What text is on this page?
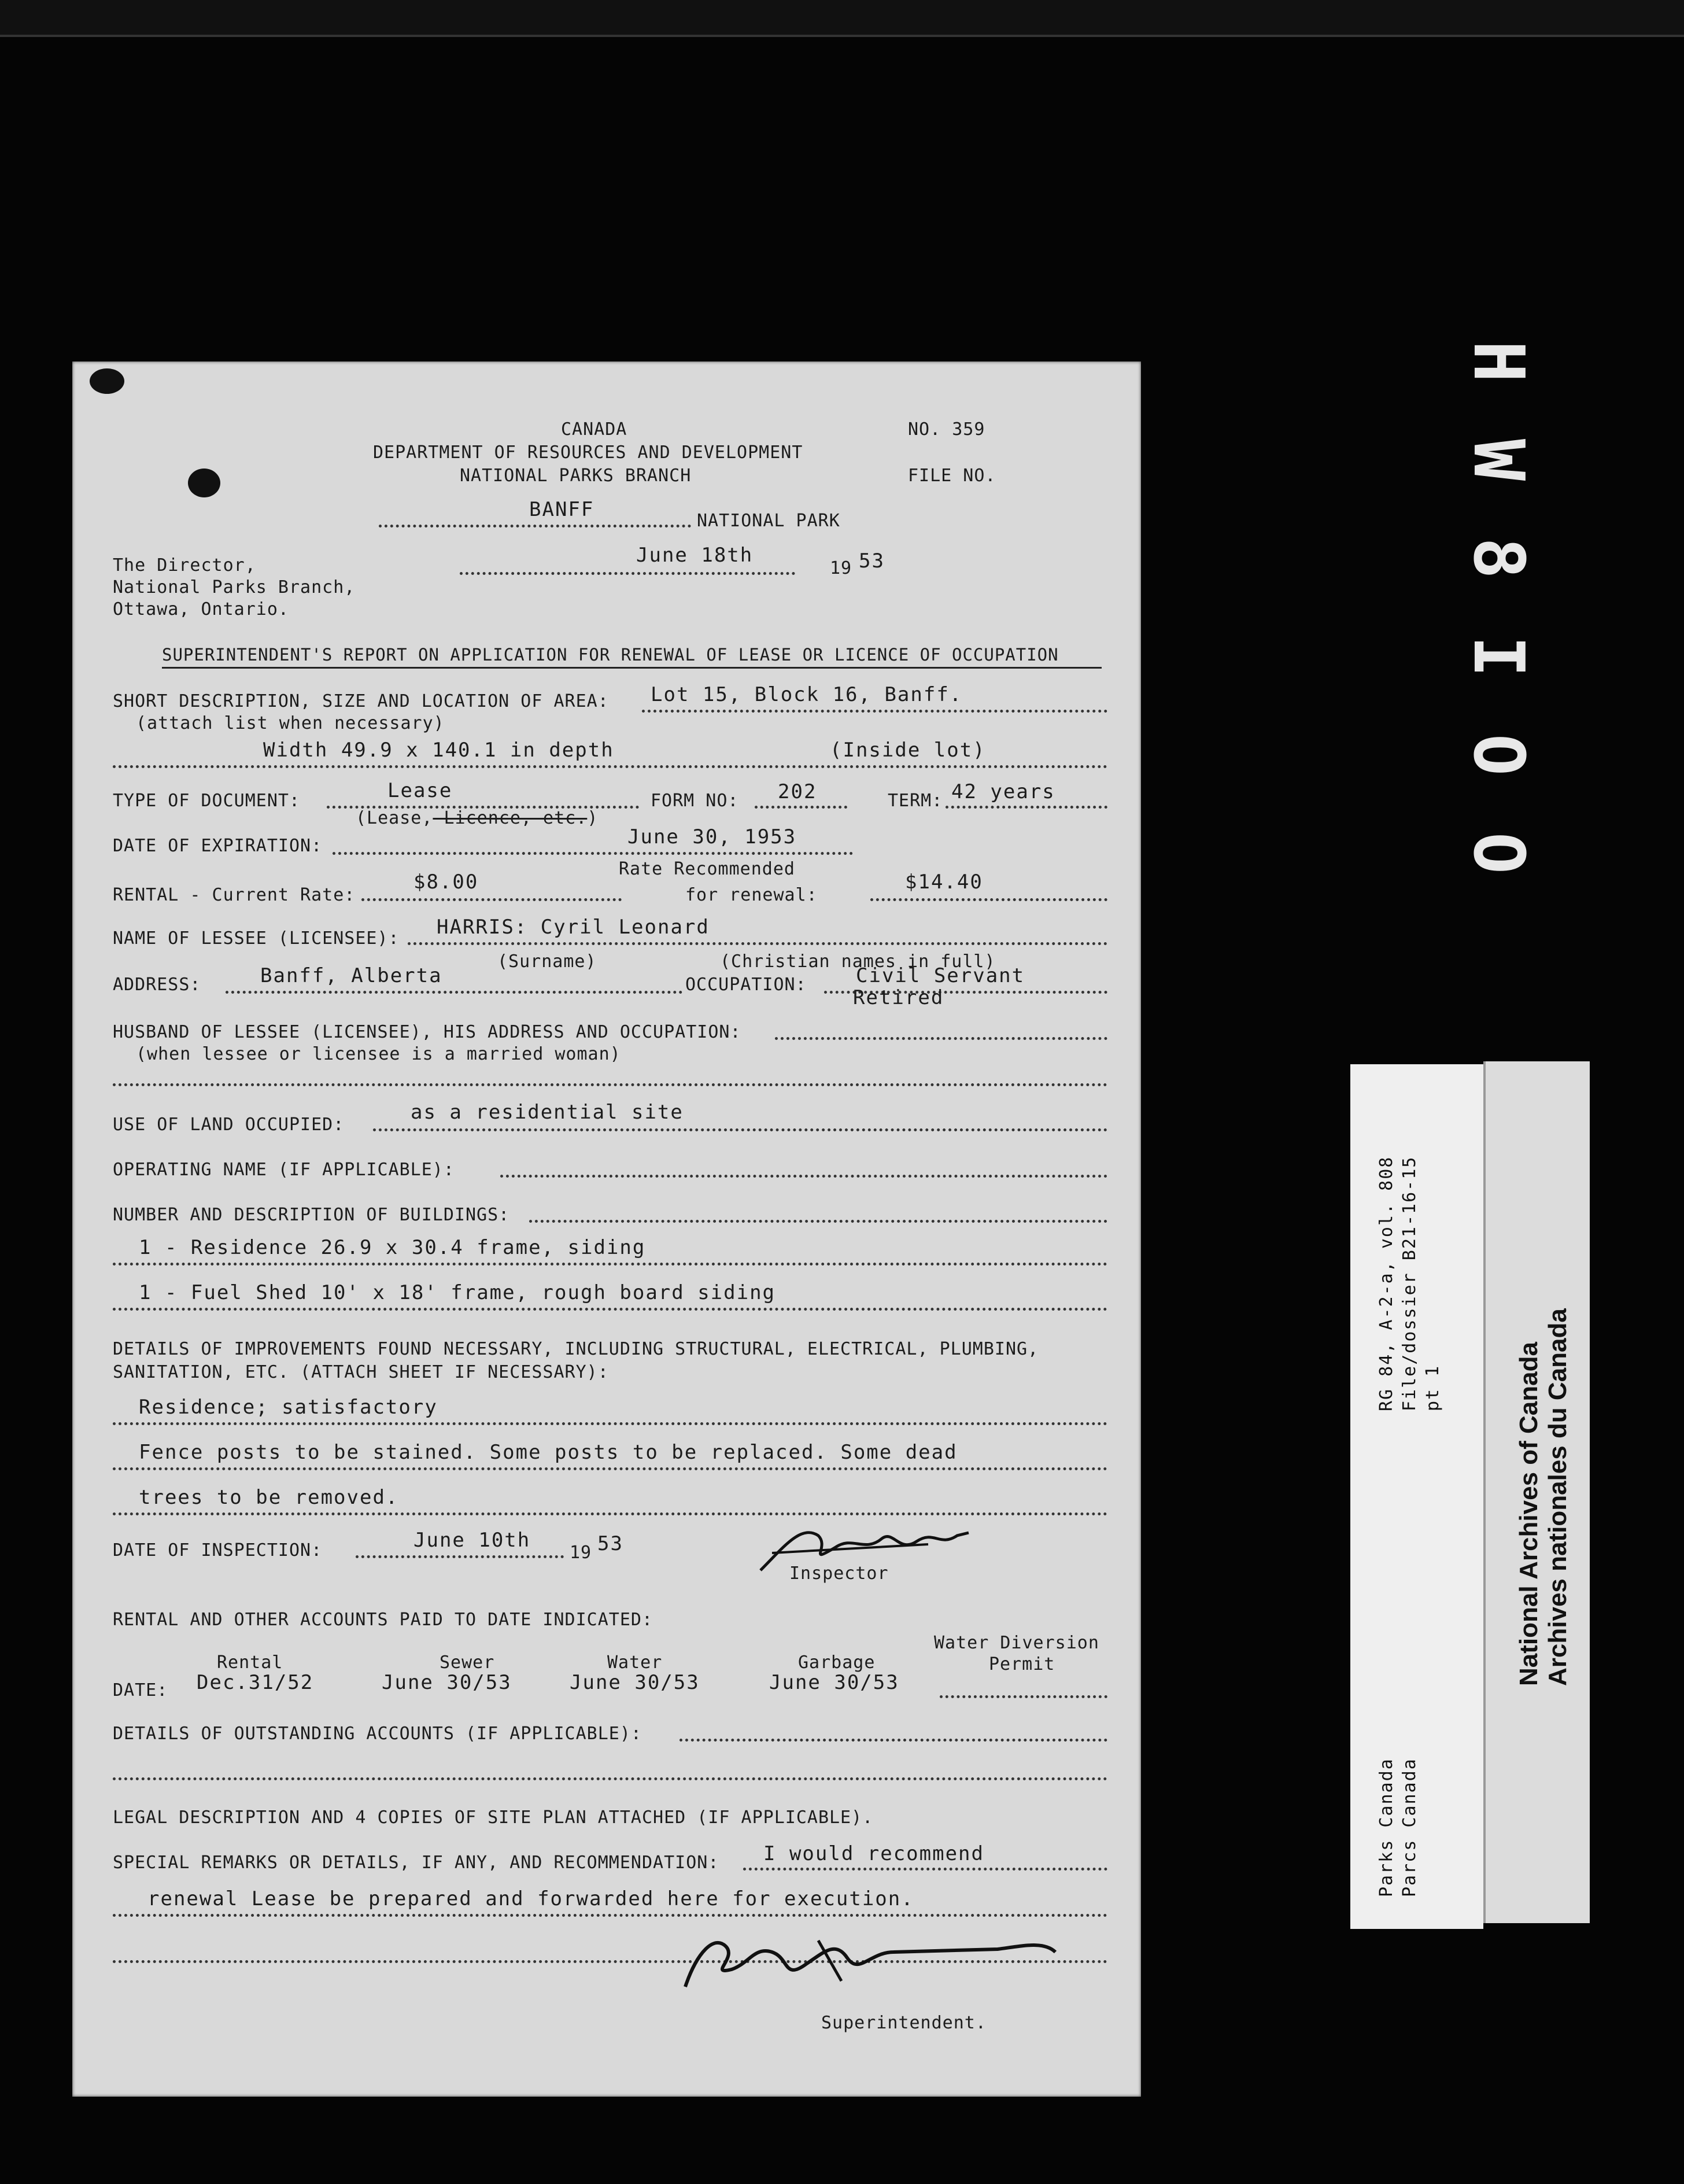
H
W
8
I
O
O
CANADA
DEPARTMENT OF RESOURCES AND DEVELOPMENT
NATIONAL PARKS BRANCH
NO. 359
FILE NO.
BANFF	NATIONAL PARK
The Director,
National Parks Branch,
Ottawa, Ontario.
June 18th
19 53
SUPERINTENDENT'S REPORT ON APPLICATION FOR RENEWAL OF LEASE OR LICENCE OF OCCUPATION
SHORT DESCRIPTION, SIZE AND LOCATION OF AREA: Lot 15, Block 16, Banff.
(attach list when necessary)
Width 49.9 x 140.1 in depth	(Inside lot)
TYPE OF DOCUMENT:	Lease
(Lease,-Licence, etc.)
FORM NO: 202	TERM: 42 years
DATE OF EXPIRATION:	June 30, 1953
Rate Recommended
RENTAL - Current Rate:
$8.00
for renewal:
$14.40
NAME OF LESSEE (LICENSEE): HARRIS: Cyril Leonard
(Surname)	(Christian names in full)
ADDRESS:	Banff, Alberta	OCCUPATION:	Civil Servant
Retired
HUSBAND OF LESSEE (LICENSEE), HIS ADDRESS AND OCCUPATION:
(when lessee or licensee is a married woman)
USE OF LAND OCCUPIED:
as a residential site
OPERATING NAME (IF APPLICABLE):
NUMBER AND DESCRIPTION OF BUILDINGS:
1 - Residence 26.9 x 30.4 frame, siding
1 - Fuel Shed 10' x 18' frame, rough board siding
DETAILS OF IMPROVEMENTS FOUND NECESSARY, INCLUDING STRUCTURAL, ELECTRICAL, PLUMBING,
SANITATION, ETC. (ATTACH SHEET IF NECESSARY):
Residence; satisfactory
Fence posts to be stained. Some posts to be replaced. Some dead
trees to be removed.
DATE OF INSPECTION:	June 10th
19 53
Inspector
RENTAL AND OTHER ACCOUNTS PAID TO DATE INDICATED:
Water Diversion
Permit
Rental	Sewer	Water	Garbage
DATE: Dec.31/52	June 30/53	June 30/53	June 30/53
DETAILS OF OUTSTANDING ACCOUNTS (IF APPLICABLE):
LEGAL DESCRIPTION AND 4 COPIES OF SITE PLAN ATTACHED (IF APPLICABLE).
SPECIAL REMARKS OR DETAILS, IF ANY, AND RECOMMENDATION: I would recommend
renewal Lease be prepared and forwarded here for execution.
Superintendent.
RG 84, A-2-a, vol. 808 File/dossier B21-16-15 pt 1
Parks Canada Parcs Canada
National Archives of Canada Archives nationales du Canada
